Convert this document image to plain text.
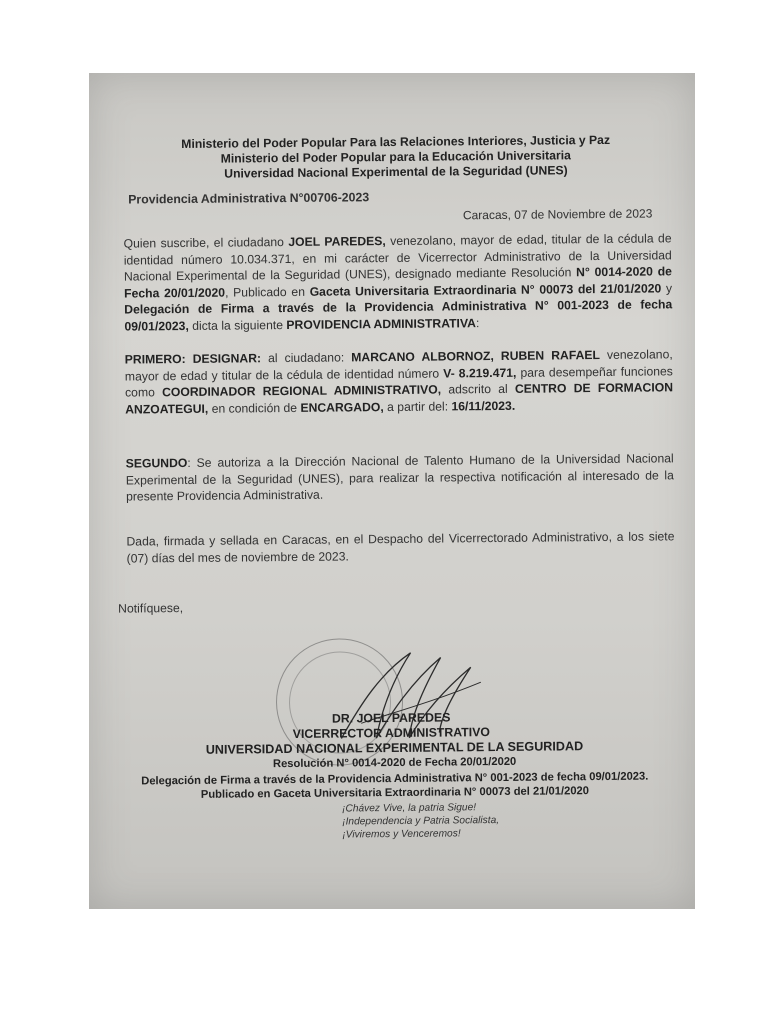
Ministerio del Poder Popular Para las Relaciones Interiores, Justicia y Paz
Ministerio del Poder Popular para la Educación Universitaria
Universidad Nacional Experimental de la Seguridad (UNES)
Providencia Administrativa N°00706-2023
Caracas, 07 de Noviembre de 2023
Quien suscribe, el ciudadano JOEL PAREDES, venezolano, mayor de edad, titular de la cédula de identidad número 10.034.371, en mi carácter de Vicerrector Administrativo de la Universidad Nacional Experimental de la Seguridad (UNES), designado mediante Resolución N° 0014-2020 de Fecha 20/01/2020, Publicado en Gaceta Universitaria Extraordinaria N° 00073 del 21/01/2020 y Delegación de Firma a través de la Providencia Administrativa N° 001-2023 de fecha 09/01/2023, dicta la siguiente PROVIDENCIA ADMINISTRATIVA:
PRIMERO: DESIGNAR: al ciudadano: MARCANO ALBORNOZ, RUBEN RAFAEL venezolano, mayor de edad y titular de la cédula de identidad número V- 8.219.471, para desempeñar funciones como COORDINADOR REGIONAL ADMINISTRATIVO, adscrito al CENTRO DE FORMACION ANZOATEGUI, en condición de ENCARGADO, a partir del: 16/11/2023.
SEGUNDO: Se autoriza a la Dirección Nacional de Talento Humano de la Universidad Nacional Experimental de la Seguridad (UNES), para realizar la respectiva notificación al interesado de la presente Providencia Administrativa.
Dada, firmada y sellada en Caracas, en el Despacho del Vicerrectorado Administrativo, a los siete (07) días del mes de noviembre de 2023.
Notifíquese,
DR. JOEL PAREDES
VICERRECTOR ADMINISTRATIVO
UNIVERSIDAD NACIONAL EXPERIMENTAL DE LA SEGURIDAD
Resolución N° 0014-2020 de Fecha 20/01/2020
Delegación de Firma a través de la Providencia Administrativa N° 001-2023 de fecha 09/01/2023.
Publicado en Gaceta Universitaria Extraordinaria N° 00073 del 21/01/2020
¡Chávez Vive, la patria Sigue!
¡Independencia y Patria Socialista,
¡Viviremos y Venceremos!
